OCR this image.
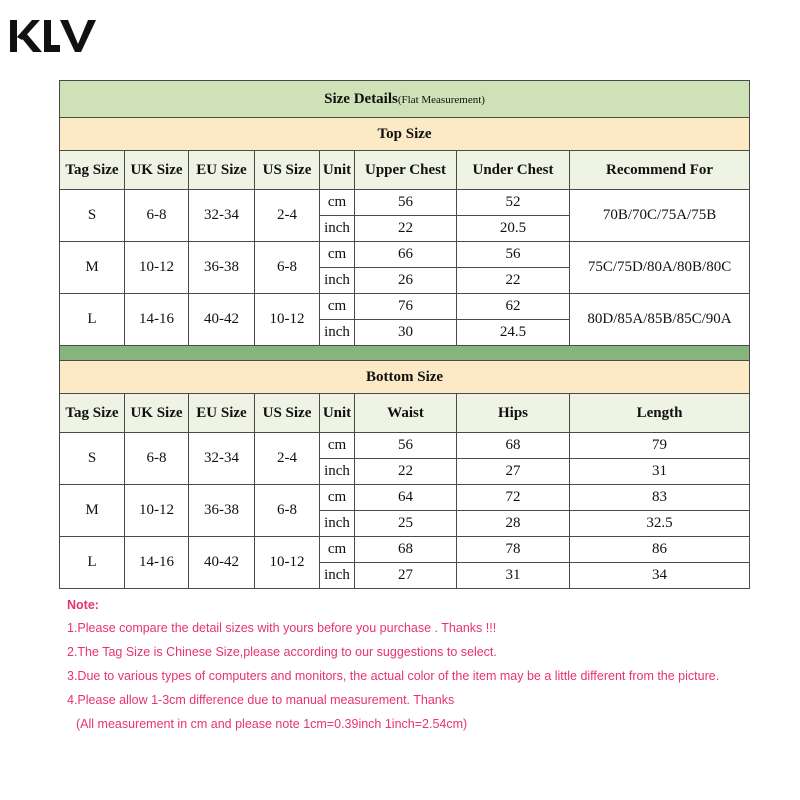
Size Details(Flat Measurement)							
Top Size							
Tag Size	UK Size	EU Size	US Size	Unit	Upper Chest	Under Chest	Recommend For
S	6-8	32-34	2-4	cm	56	52	70B/70C/75A/75B
				inch	22	20.5	
M	10-12	36-38	6-8	cm	66	56	75C/75D/80A/80B/80C
				inch	26	22	
L	14-16	40-42	10-12	cm	76	62	80D/85A/85B/85C/90A
				inch	30	24.5	

Bottom Size							
Tag Size	UK Size	EU Size	US Size	Unit	Waist	Hips	Length
S	6-8	32-34	2-4	cm	56	68	79
				inch	22	27	31
M	10-12	36-38	6-8	cm	64	72	83
				inch	25	28	32.5
L	14-16	40-42	10-12	cm	68	78	86
				inch	27	31	34
Note:
1.Please compare the detail sizes with yours before you purchase . Thanks !!!
2.The Tag Size is Chinese Size,please according to our suggestions to select.
3.Due to various types of computers and monitors, the actual color of the item may be a little different from the picture.
4.Please allow 1-3cm difference due to manual measurement. Thanks
(All measurement in cm and please note 1cm=0.39inch 1inch=2.54cm)
